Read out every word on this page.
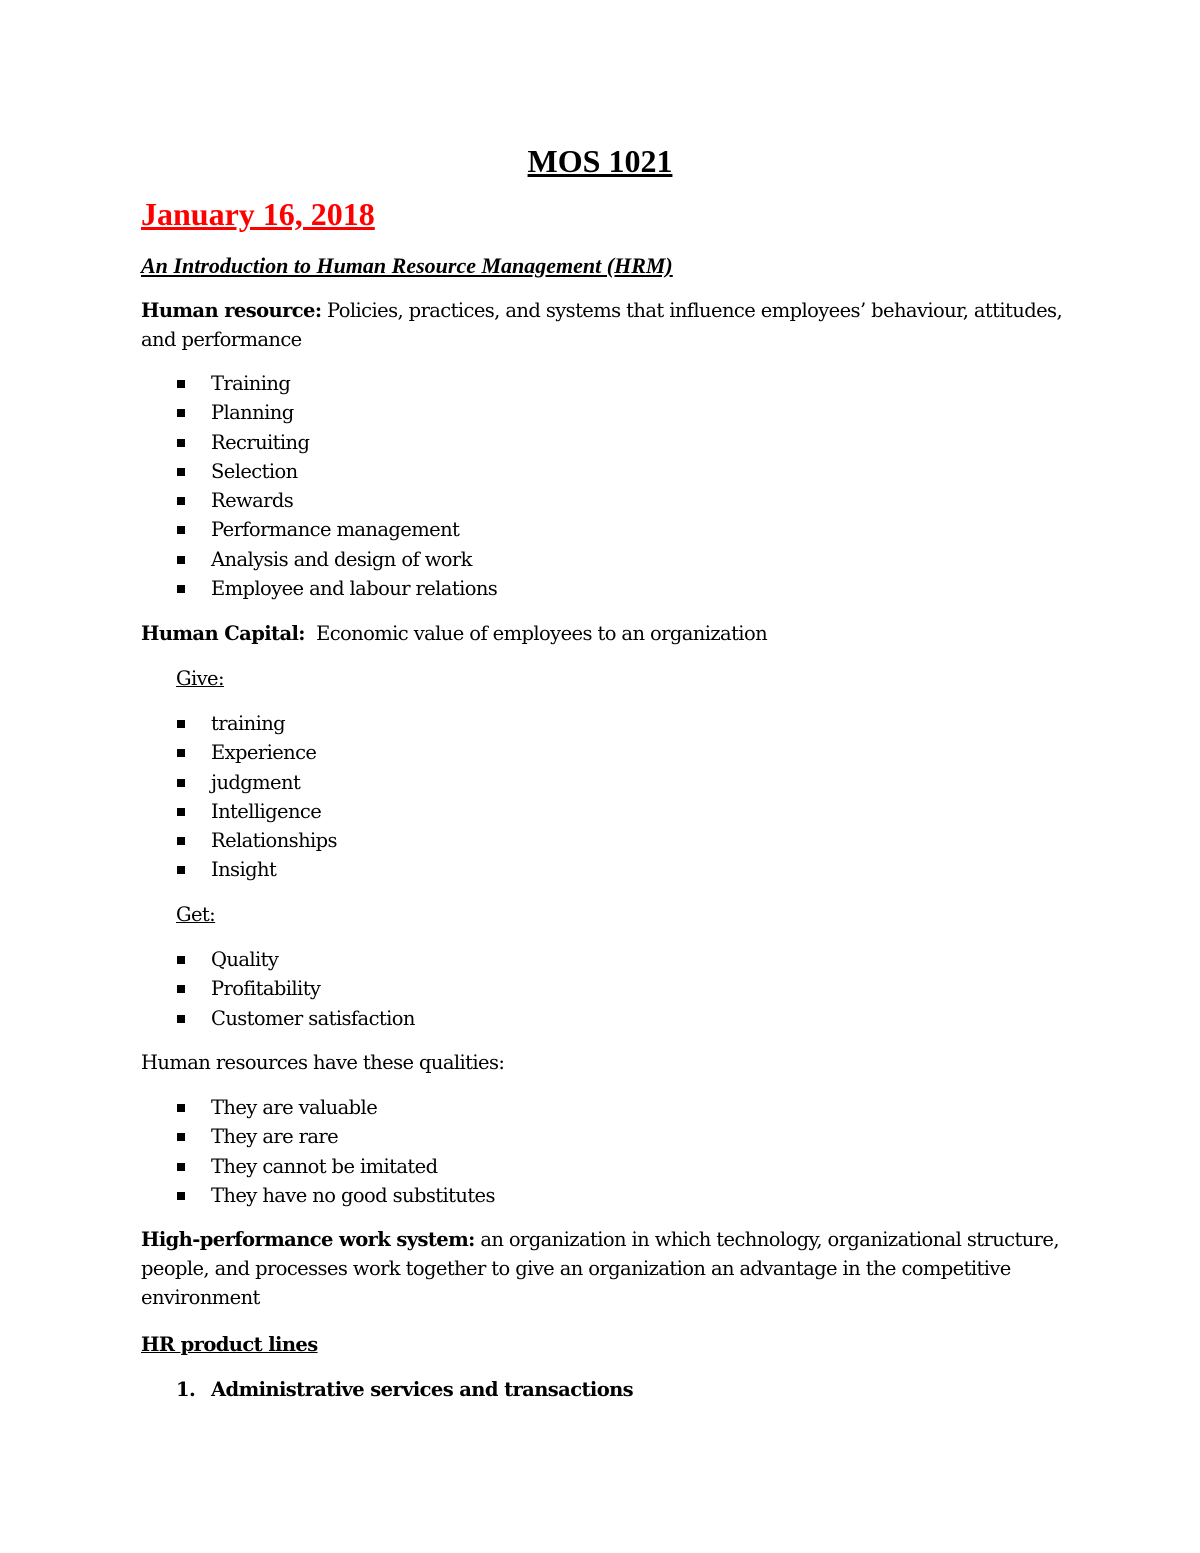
MOS 1021
January 16, 2018
An Introduction to Human Resource Management (HRM)

Human resource: Policies, practices, and systems that influence employees’ behaviour, attitudes, and performance

Training
Planning
Recruiting
Selection
Rewards
Performance management
Analysis and design of work
Employee and labour relations

Human Capital:  Economic value of employees to an organization

Give:

training
Experience
judgment
Intelligence
Relationships
Insight

Get:

Quality
Profitability
Customer satisfaction

Human resources have these qualities:

They are valuable
They are rare
They cannot be imitated
They have no good substitutes

High-performance work system: an organization in which technology, organizational structure, people, and processes work together to give an organization an advantage in the competitive environment

HR product lines

1. Administrative services and transactions
